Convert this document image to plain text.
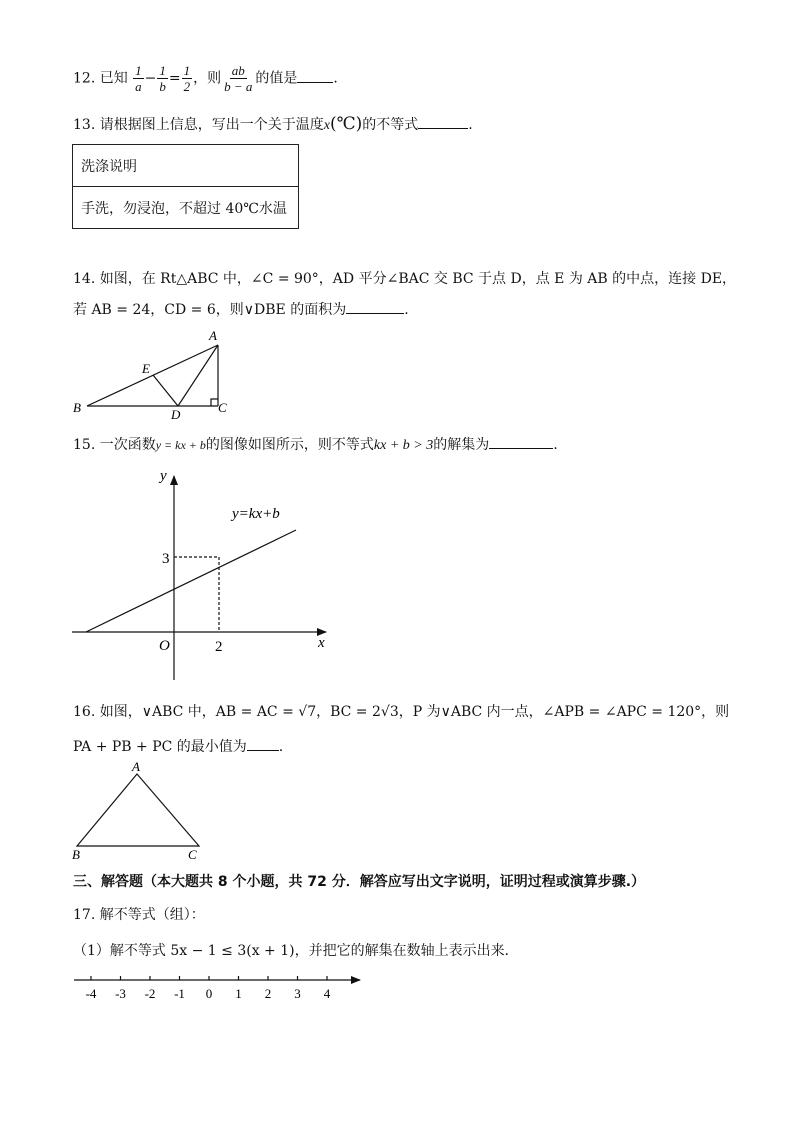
12. 已知 $\frac{1}{a} - \frac{1}{b} = \frac{1}{2}$ ，则 $\frac{ab}{b - a}$ 的值是	.
13. 请根据图上信息，写出一个关于温度x(℃)的不等式	.
洗涤说明
手洗，勿浸泡，不超过 40℃水温
14. 如图，在 Rt△ABC 中，∠C = 90°，AD 平分∠BAC 交 BC 于点 D，点 E 为 AB 的中点，连接 DE，
若 AB = 24，CD = 6，则∨DBE 的面积为	.
A
B	C
D
E
15. 一次函数y = kx + b的图像如图所示，则不等式kx + b > 3的解集为	.
y
x
O
3
2
y=kx+b
16. 如图，∨ABC 中，AB = AC = √7，BC = 2√3，P 为∨ABC 内一点，∠APB = ∠APC = 120°，则
PA + PB + PC 的最小值为 .
A
B	C
三、解答题（本大题共 8 个小题，共 72 分．解答应写出文字说明，证明过程或演算步骤.）
17. 解不等式（组）：
（1）解不等式 5x − 1 ≤ 3(x + 1)，并把它的解集在数轴上表示出来．
-4 -3 -2 -1 0 1 2 3 4
